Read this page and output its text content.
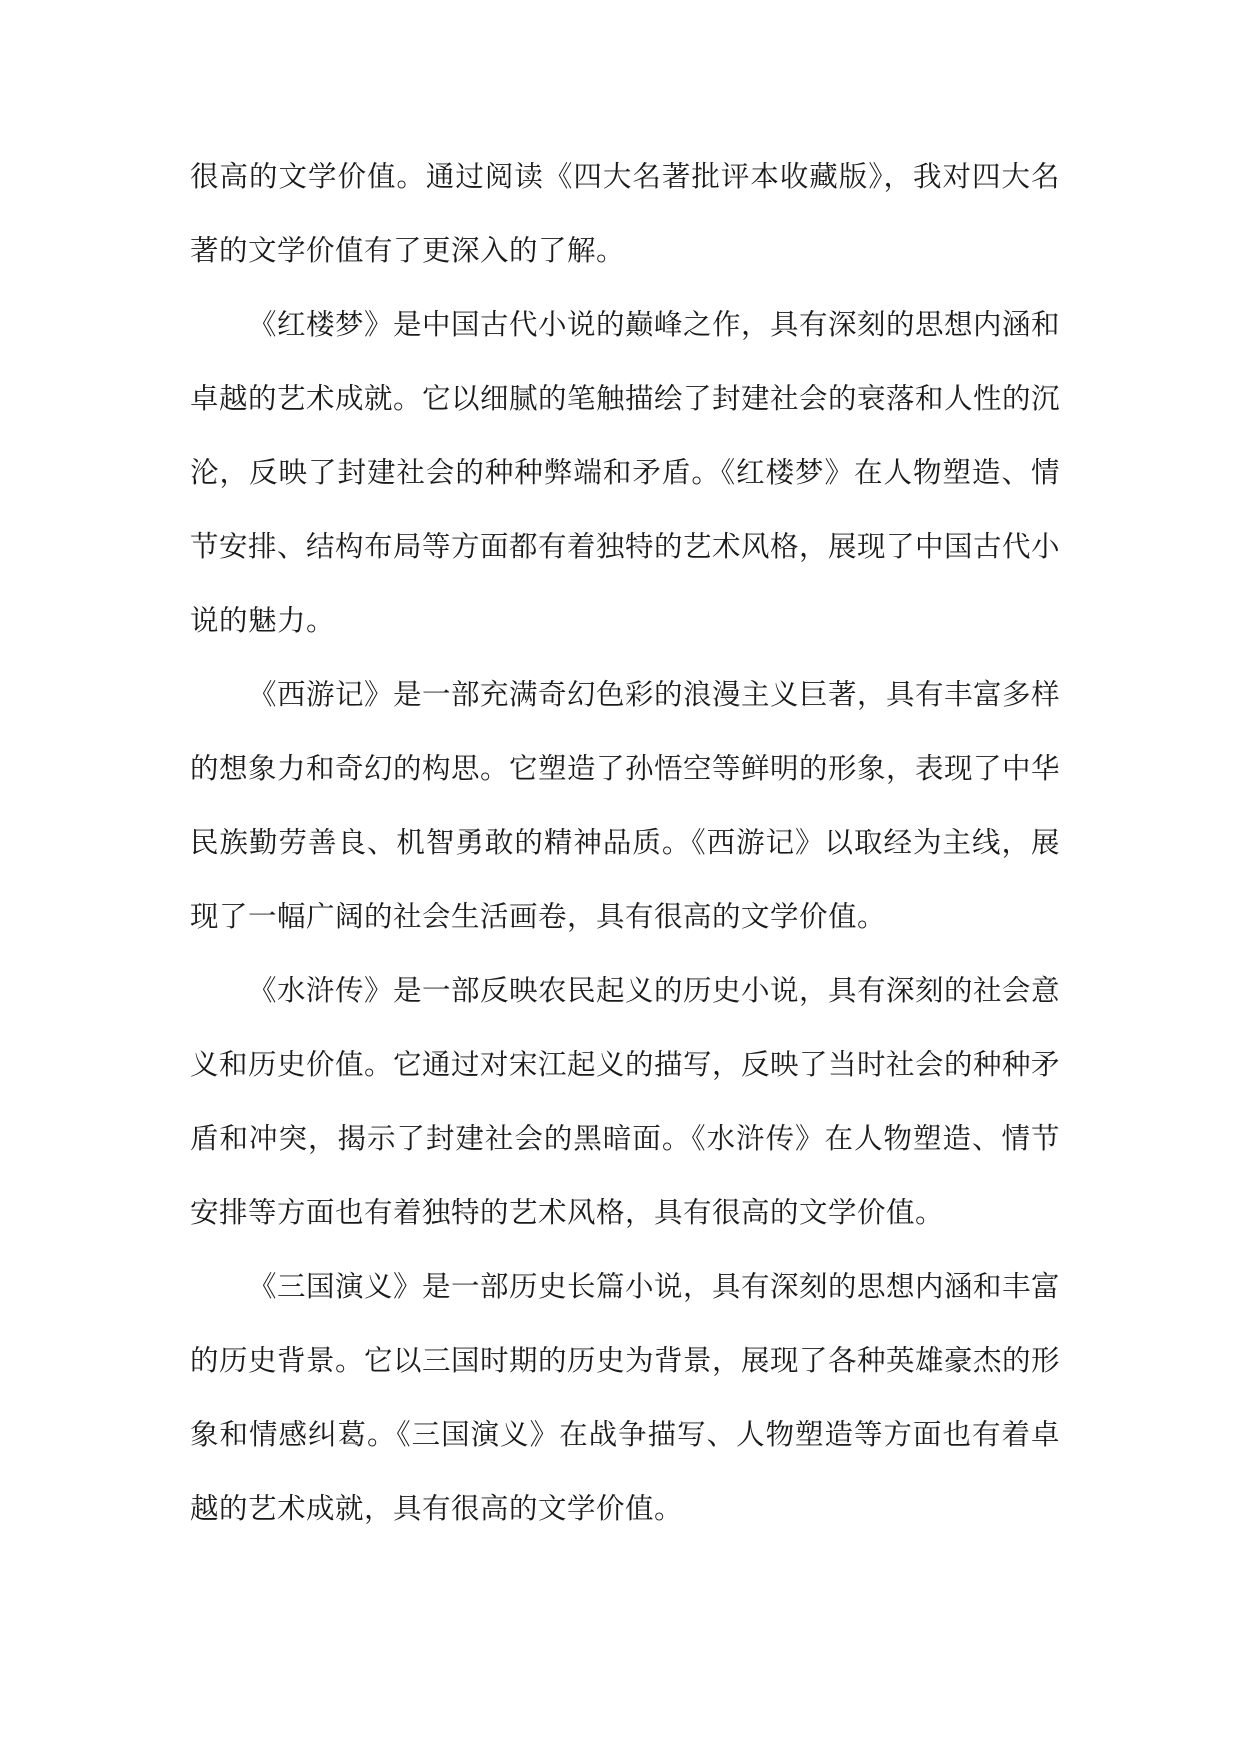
很高的文学价值。通过阅读《四大名著批评本收藏版》，我对四大名
著的文学价值有了更深入的了解。
《红楼梦》是中国古代小说的巅峰之作，具有深刻的思想内涵和
卓越的艺术成就。它以细腻的笔触描绘了封建社会的衰落和人性的沉
沦，反映了封建社会的种种弊端和矛盾。《红楼梦》在人物塑造、情
节安排、结构布局等方面都有着独特的艺术风格，展现了中国古代小
说的魅力。
《西游记》是一部充满奇幻色彩的浪漫主义巨著，具有丰富多样
的想象力和奇幻的构思。它塑造了孙悟空等鲜明的形象，表现了中华
民族勤劳善良、机智勇敢的精神品质。《西游记》以取经为主线，展
现了一幅广阔的社会生活画卷，具有很高的文学价值。
《水浒传》是一部反映农民起义的历史小说，具有深刻的社会意
义和历史价值。它通过对宋江起义的描写，反映了当时社会的种种矛
盾和冲突，揭示了封建社会的黑暗面。《水浒传》在人物塑造、情节
安排等方面也有着独特的艺术风格，具有很高的文学价值。
《三国演义》是一部历史长篇小说，具有深刻的思想内涵和丰富
的历史背景。它以三国时期的历史为背景，展现了各种英雄豪杰的形
象和情感纠葛。《三国演义》在战争描写、人物塑造等方面也有着卓
越的艺术成就，具有很高的文学价值。
